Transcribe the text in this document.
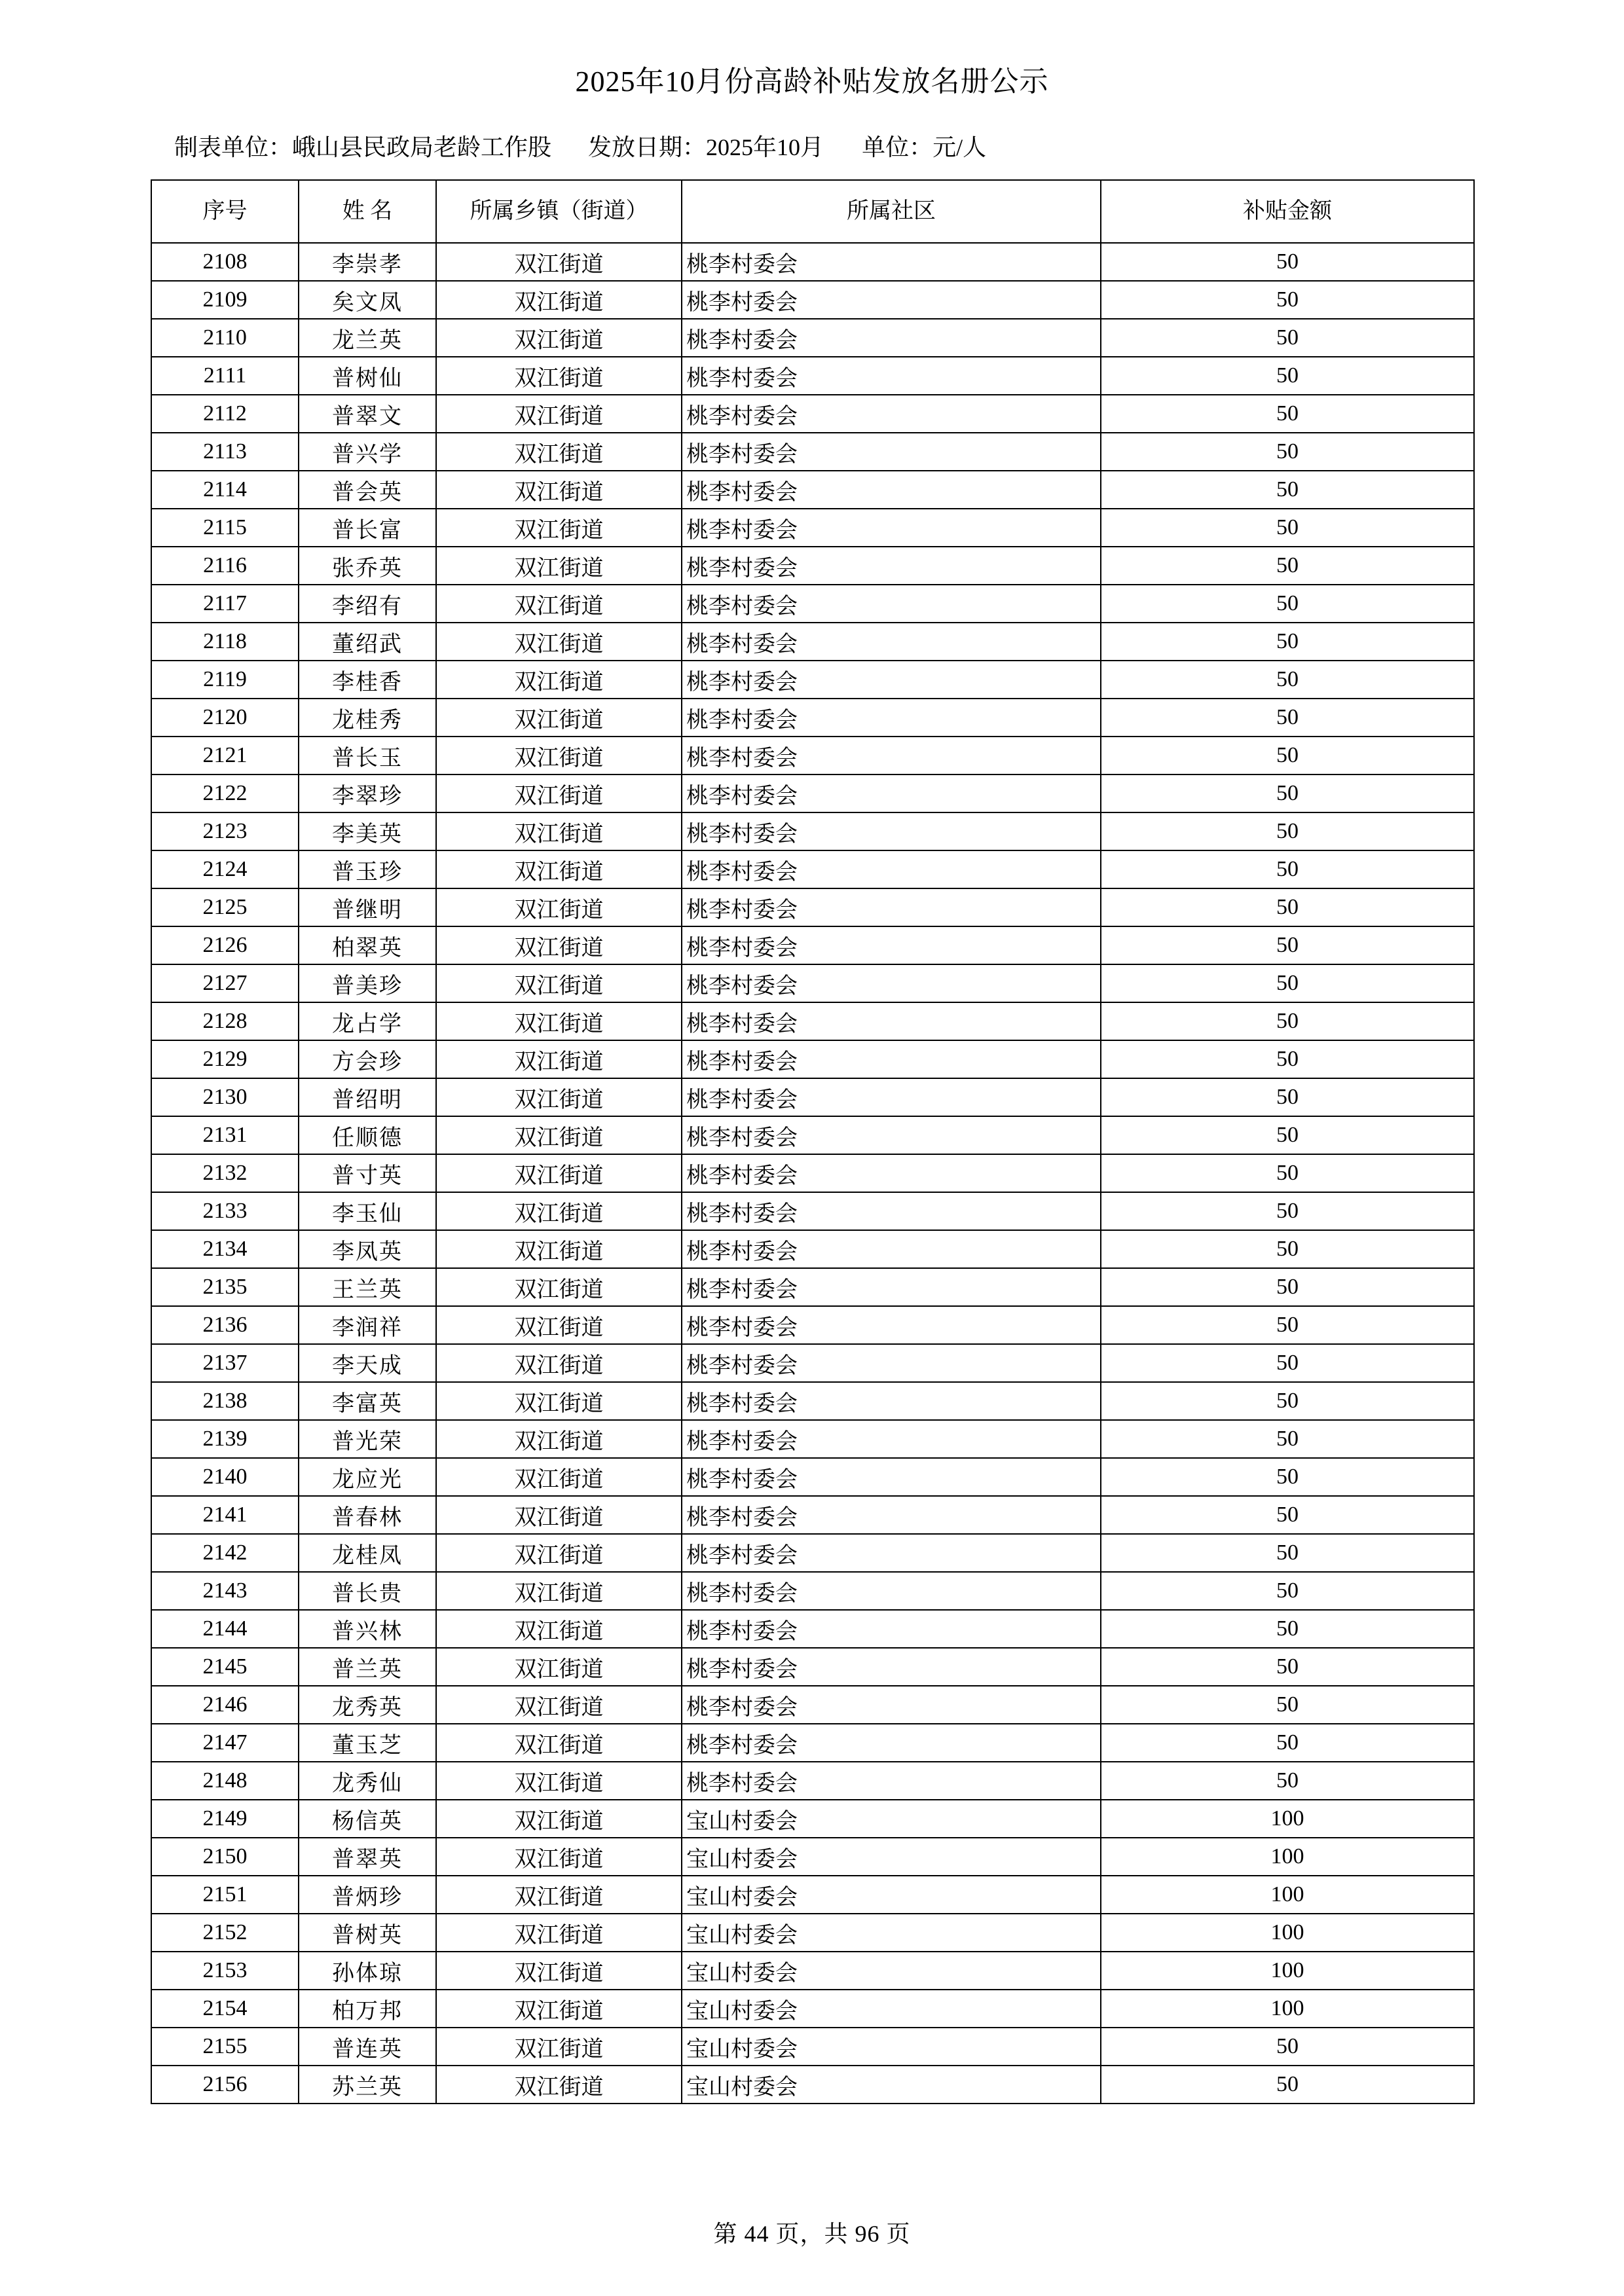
2025年10月份高龄补贴发放名册公示
制表单位：峨山县民政局老龄工作股 发放日期：2025年10月 单位：元/人
序号	姓 名	所属乡镇（街道）	所属社区	补贴金额
2108	李崇孝	双江街道	桃李村委会	50
2109	矣文凤	双江街道	桃李村委会	50
2110	龙兰英	双江街道	桃李村委会	50
2111	普树仙	双江街道	桃李村委会	50
2112	普翠文	双江街道	桃李村委会	50
2113	普兴学	双江街道	桃李村委会	50
2114	普会英	双江街道	桃李村委会	50
2115	普长富	双江街道	桃李村委会	50
2116	张乔英	双江街道	桃李村委会	50
2117	李绍有	双江街道	桃李村委会	50
2118	董绍武	双江街道	桃李村委会	50
2119	李桂香	双江街道	桃李村委会	50
2120	龙桂秀	双江街道	桃李村委会	50
2121	普长玉	双江街道	桃李村委会	50
2122	李翠珍	双江街道	桃李村委会	50
2123	李美英	双江街道	桃李村委会	50
2124	普玉珍	双江街道	桃李村委会	50
2125	普继明	双江街道	桃李村委会	50
2126	柏翠英	双江街道	桃李村委会	50
2127	普美珍	双江街道	桃李村委会	50
2128	龙占学	双江街道	桃李村委会	50
2129	方会珍	双江街道	桃李村委会	50
2130	普绍明	双江街道	桃李村委会	50
2131	任顺德	双江街道	桃李村委会	50
2132	普寸英	双江街道	桃李村委会	50
2133	李玉仙	双江街道	桃李村委会	50
2134	李凤英	双江街道	桃李村委会	50
2135	王兰英	双江街道	桃李村委会	50
2136	李润祥	双江街道	桃李村委会	50
2137	李天成	双江街道	桃李村委会	50
2138	李富英	双江街道	桃李村委会	50
2139	普光荣	双江街道	桃李村委会	50
2140	龙应光	双江街道	桃李村委会	50
2141	普春林	双江街道	桃李村委会	50
2142	龙桂凤	双江街道	桃李村委会	50
2143	普长贵	双江街道	桃李村委会	50
2144	普兴林	双江街道	桃李村委会	50
2145	普兰英	双江街道	桃李村委会	50
2146	龙秀英	双江街道	桃李村委会	50
2147	董玉芝	双江街道	桃李村委会	50
2148	龙秀仙	双江街道	桃李村委会	50
2149	杨信英	双江街道	宝山村委会	100
2150	普翠英	双江街道	宝山村委会	100
2151	普炳珍	双江街道	宝山村委会	100
2152	普树英	双江街道	宝山村委会	100
2153	孙体琼	双江街道	宝山村委会	100
2154	柏万邦	双江街道	宝山村委会	100
2155	普连英	双江街道	宝山村委会	50
2156	苏兰英	双江街道	宝山村委会	50
第 44 页，共 96 页
